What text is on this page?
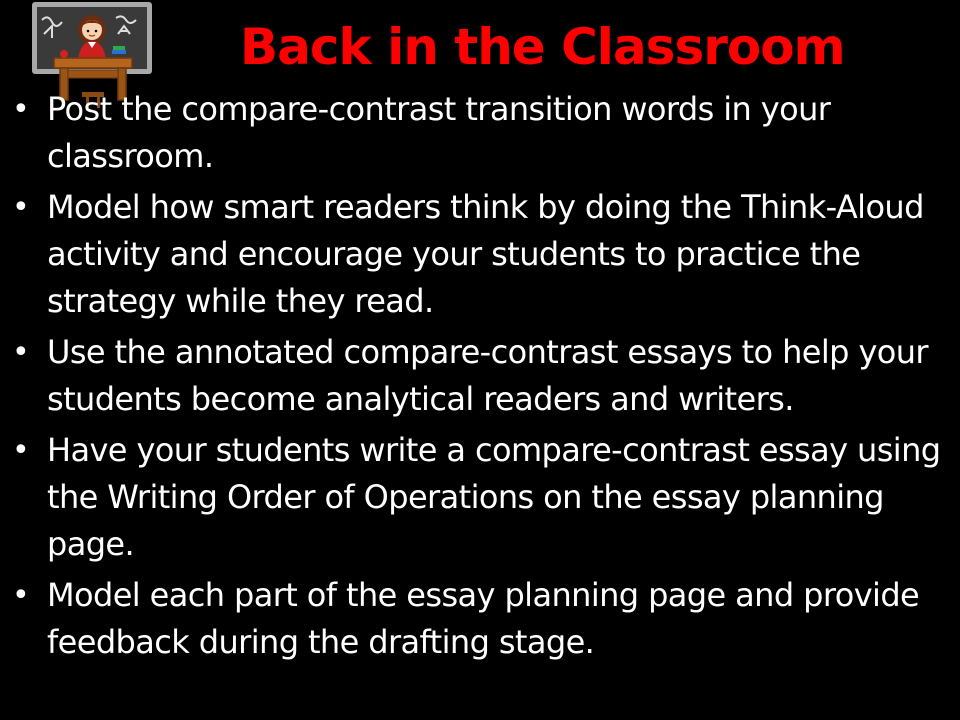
Back in the Classroom
• Post the compare-contrast transition words in your classroom.
• Model how smart readers think by doing the Think-Aloud activity and encourage your students to practice the strategy while they read.
• Use the annotated compare-contrast essays to help your students become analytical readers and writers.
• Have your students write a compare-contrast essay using the Writing Order of Operations on the essay planning page.
• Model each part of the essay planning page and provide feedback during the drafting stage.
